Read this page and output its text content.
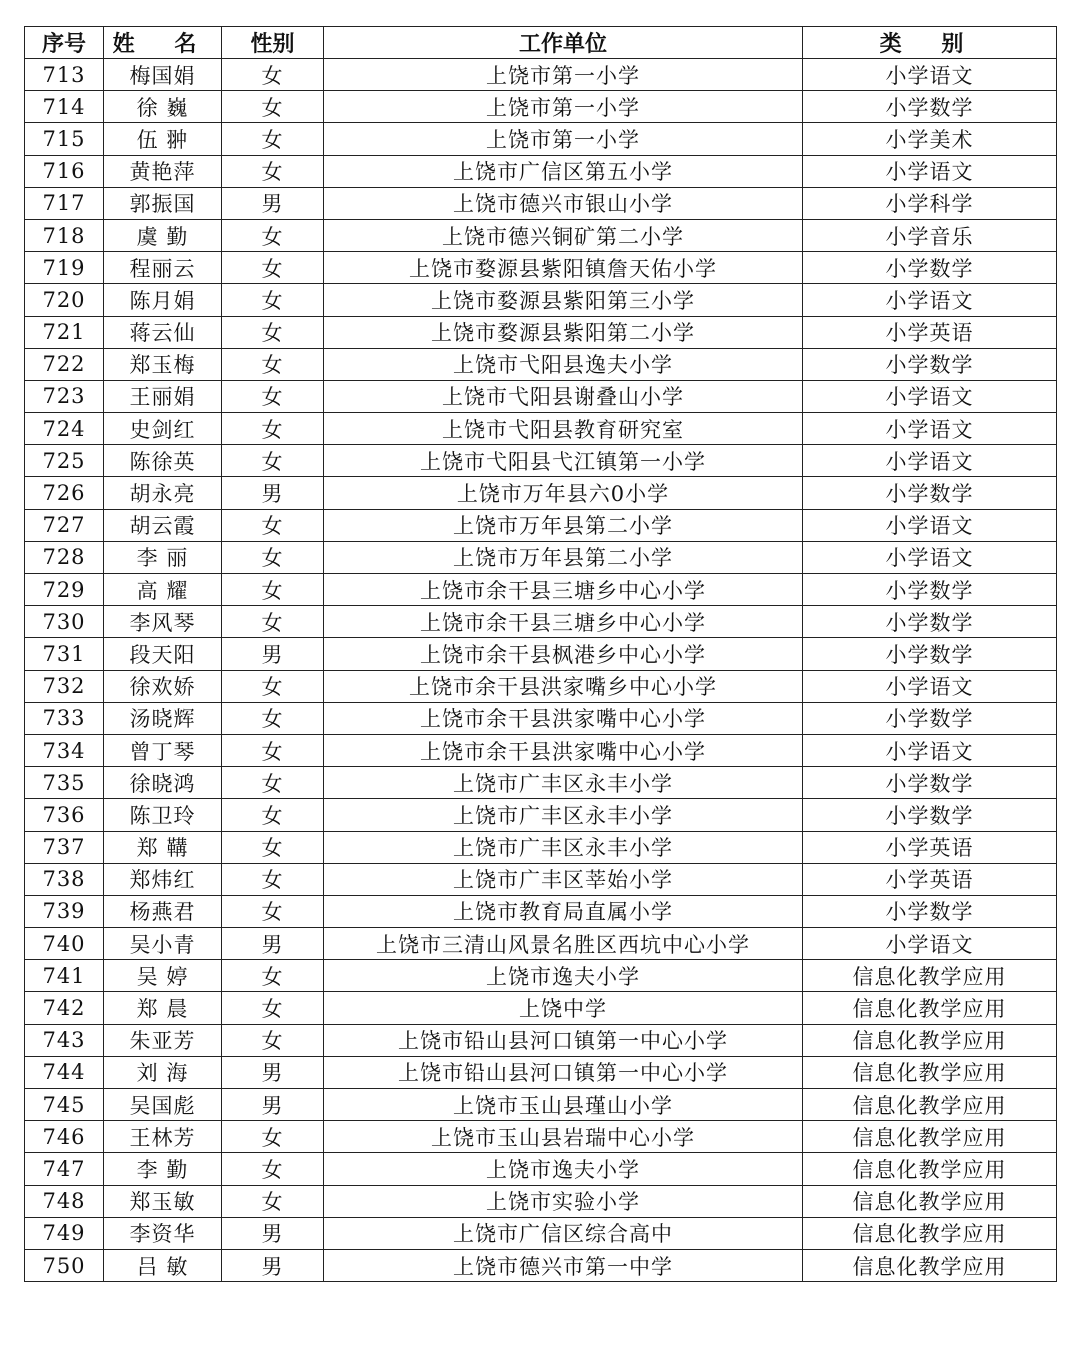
序号	姓 名	性别	工作单位	类 别
713	梅国娟	女	上饶市第一小学	小学语文
714	徐 巍	女	上饶市第一小学	小学数学
715	伍 翀	女	上饶市第一小学	小学美术
716	黄艳萍	女	上饶市广信区第五小学	小学语文
717	郭振国	男	上饶市德兴市银山小学	小学科学
718	虞 勤	女	上饶市德兴铜矿第二小学	小学音乐
719	程丽云	女	上饶市婺源县紫阳镇詹天佑小学	小学数学
720	陈月娟	女	上饶市婺源县紫阳第三小学	小学语文
721	蒋云仙	女	上饶市婺源县紫阳第二小学	小学英语
722	郑玉梅	女	上饶市弋阳县逸夫小学	小学数学
723	王丽娟	女	上饶市弋阳县谢叠山小学	小学语文
724	史剑红	女	上饶市弋阳县教育研究室	小学语文
725	陈徐英	女	上饶市弋阳县弋江镇第一小学	小学语文
726	胡永亮	男	上饶市万年县六0小学	小学数学
727	胡云霞	女	上饶市万年县第二小学	小学语文
728	李 丽	女	上饶市万年县第二小学	小学语文
729	高 耀	女	上饶市余干县三塘乡中心小学	小学数学
730	李风琴	女	上饶市余干县三塘乡中心小学	小学数学
731	段天阳	男	上饶市余干县枫港乡中心小学	小学数学
732	徐欢娇	女	上饶市余干县洪家嘴乡中心小学	小学语文
733	汤晓辉	女	上饶市余干县洪家嘴中心小学	小学数学
734	曾丁琴	女	上饶市余干县洪家嘴中心小学	小学语文
735	徐晓鸿	女	上饶市广丰区永丰小学	小学数学
736	陈卫玲	女	上饶市广丰区永丰小学	小学数学
737	郑 鞲	女	上饶市广丰区永丰小学	小学英语
738	郑炜红	女	上饶市广丰区莘始小学	小学英语
739	杨燕君	女	上饶市教育局直属小学	小学数学
740	吴小青	男	上饶市三清山风景名胜区西坑中心小学	小学语文
741	吴 婷	女	上饶市逸夫小学	信息化教学应用
742	郑 晨	女	上饶中学	信息化教学应用
743	朱亚芳	女	上饶市铅山县河口镇第一中心小学	信息化教学应用
744	刘 海	男	上饶市铅山县河口镇第一中心小学	信息化教学应用
745	吴国彪	男	上饶市玉山县瑾山小学	信息化教学应用
746	王林芳	女	上饶市玉山县岩瑞中心小学	信息化教学应用
747	李 勤	女	上饶市逸夫小学	信息化教学应用
748	郑玉敏	女	上饶市实验小学	信息化教学应用
749	李资华	男	上饶市广信区综合高中	信息化教学应用
750	吕 敏	男	上饶市德兴市第一中学	信息化教学应用
